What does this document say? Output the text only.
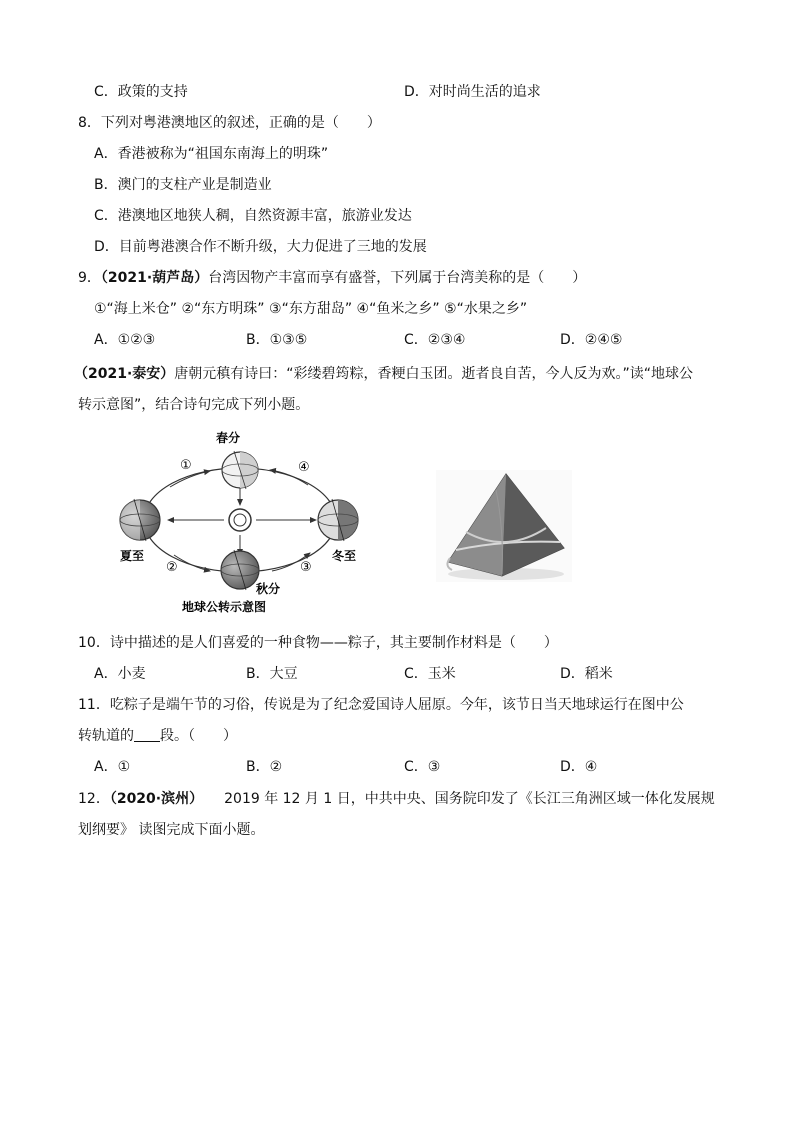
C．政策的支持	D．对时尚生活的追求
8．下列对粤港澳地区的叙述，正确的是（　　）
A．香港被称为“祖国东南海上的明珠”
B．澳门的支柱产业是制造业
C．港澳地区地狭人稠，自然资源丰富，旅游业发达
D．目前粤港澳合作不断升级，大力促进了三地的发展
9．（2021·葫芦岛）台湾因物产丰富而享有盛誉，下列属于台湾美称的是（　　）
①“海上米仓” ②“东方明珠” ③“东方甜岛” ④“鱼米之乡” ⑤“水果之乡”
A．①②③	B．①③⑤	C．②③④	D．②④⑤
（2021·泰安）唐朝元稹有诗曰：“彩缕碧筠粽，香粳白玉团。逝者良自苦，今人反为欢。”读“地球公
转示意图”，结合诗句完成下列小题。
春分
夏至
秋分
冬至
①
②	③
④
地球公转示意图
10．诗中描述的是人们喜爱的一种食物——粽子，其主要制作材料是（　　）
A．小麦	B．大豆	C．玉米	D．稻米
11．吃粽子是端午节的习俗，传说是为了纪念爱国诗人屈原。今年，该节日当天地球运行在图中公
转轨道的 段。（　　）
A．①	B．②	C．③	D．④
12．（2020·滨州）　　2019 年 12 月 1 日，中共中央、国务院印发了《长江三角洲区域一体化发展规
划纲要》 读图完成下面小题。
